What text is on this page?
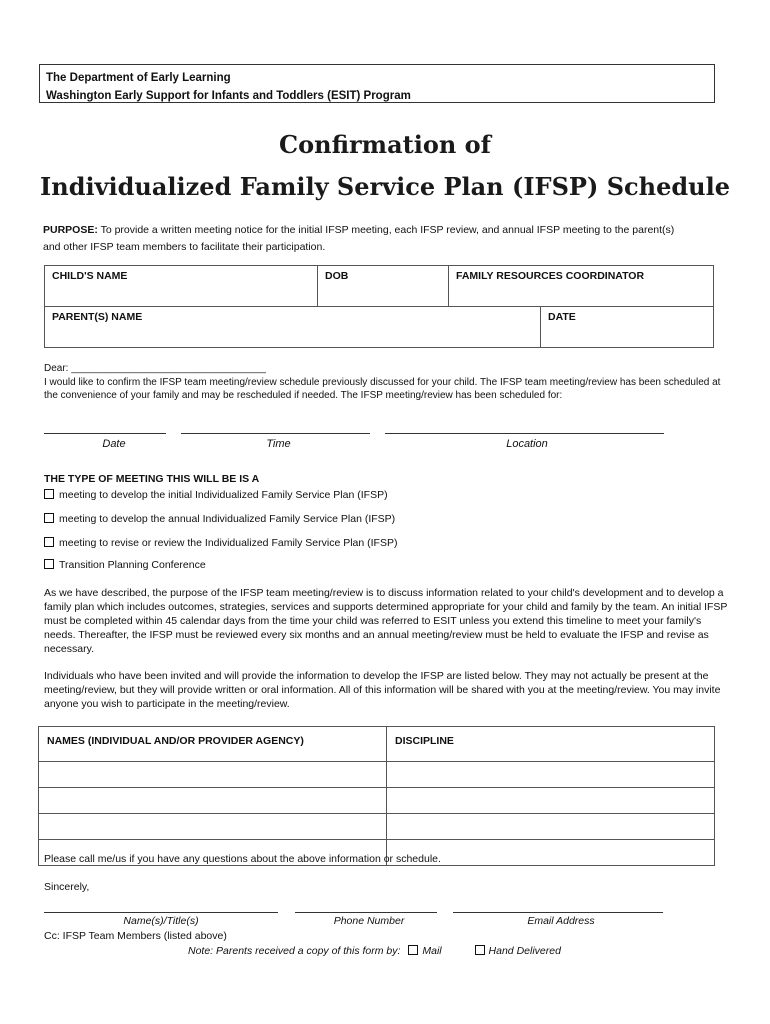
The Department of Early Learning
Washington Early Support for Infants and Toddlers (ESIT) Program
Confirmation of
Individualized Family Service Plan (IFSP) Schedule
PURPOSE: To provide a written meeting notice for the initial IFSP meeting, each IFSP review, and annual IFSP meeting to the parent(s) and other IFSP team members to facilitate their participation.
CHILD'S NAME	DOB	FAMILY RESOURCES COORDINATOR	
PARENT(S) NAME			DATE
Dear: ___________________________________
I would like to confirm the IFSP team meeting/review schedule previously discussed for your child. The IFSP team meeting/review has been scheduled at the convenience of your family and may be rescheduled if needed. The IFSP meeting/review has been scheduled for:
Date	Time	Location
THE TYPE OF MEETING THIS WILL BE IS A
meeting to develop the initial Individualized Family Service Plan (IFSP)
meeting to develop the annual Individualized Family Service Plan (IFSP)
meeting to revise or review the Individualized Family Service Plan (IFSP)
Transition Planning Conference
As we have described, the purpose of the IFSP team meeting/review is to discuss information related to your child's development and to develop a family plan which includes outcomes, strategies, services and supports determined appropriate for your child and family by the team. An initial IFSP must be completed within 45 calendar days from the time your child was referred to ESIT unless you extend this timeline to meet your family's needs. Thereafter, the IFSP must be reviewed every six months and an annual meeting/review must be held to evaluate the IFSP and revise as necessary.
Individuals who have been invited and will provide the information to develop the IFSP are listed below. They may not actually be present at the meeting/review, but they will provide written or oral information. All of this information will be shared with you at the meeting/review. You may invite anyone you wish to participate in the meeting/review.
NAMES (INDIVIDUAL AND/OR PROVIDER AGENCY)	DISCIPLINE

Please call me/us if you have any questions about the above information or schedule.
Sincerely,
Name(s)/Title(s)	Phone Number	Email Address
Cc: IFSP Team Members (listed above)
Note: Parents received a copy of this form by: Mail	Hand Delivered
